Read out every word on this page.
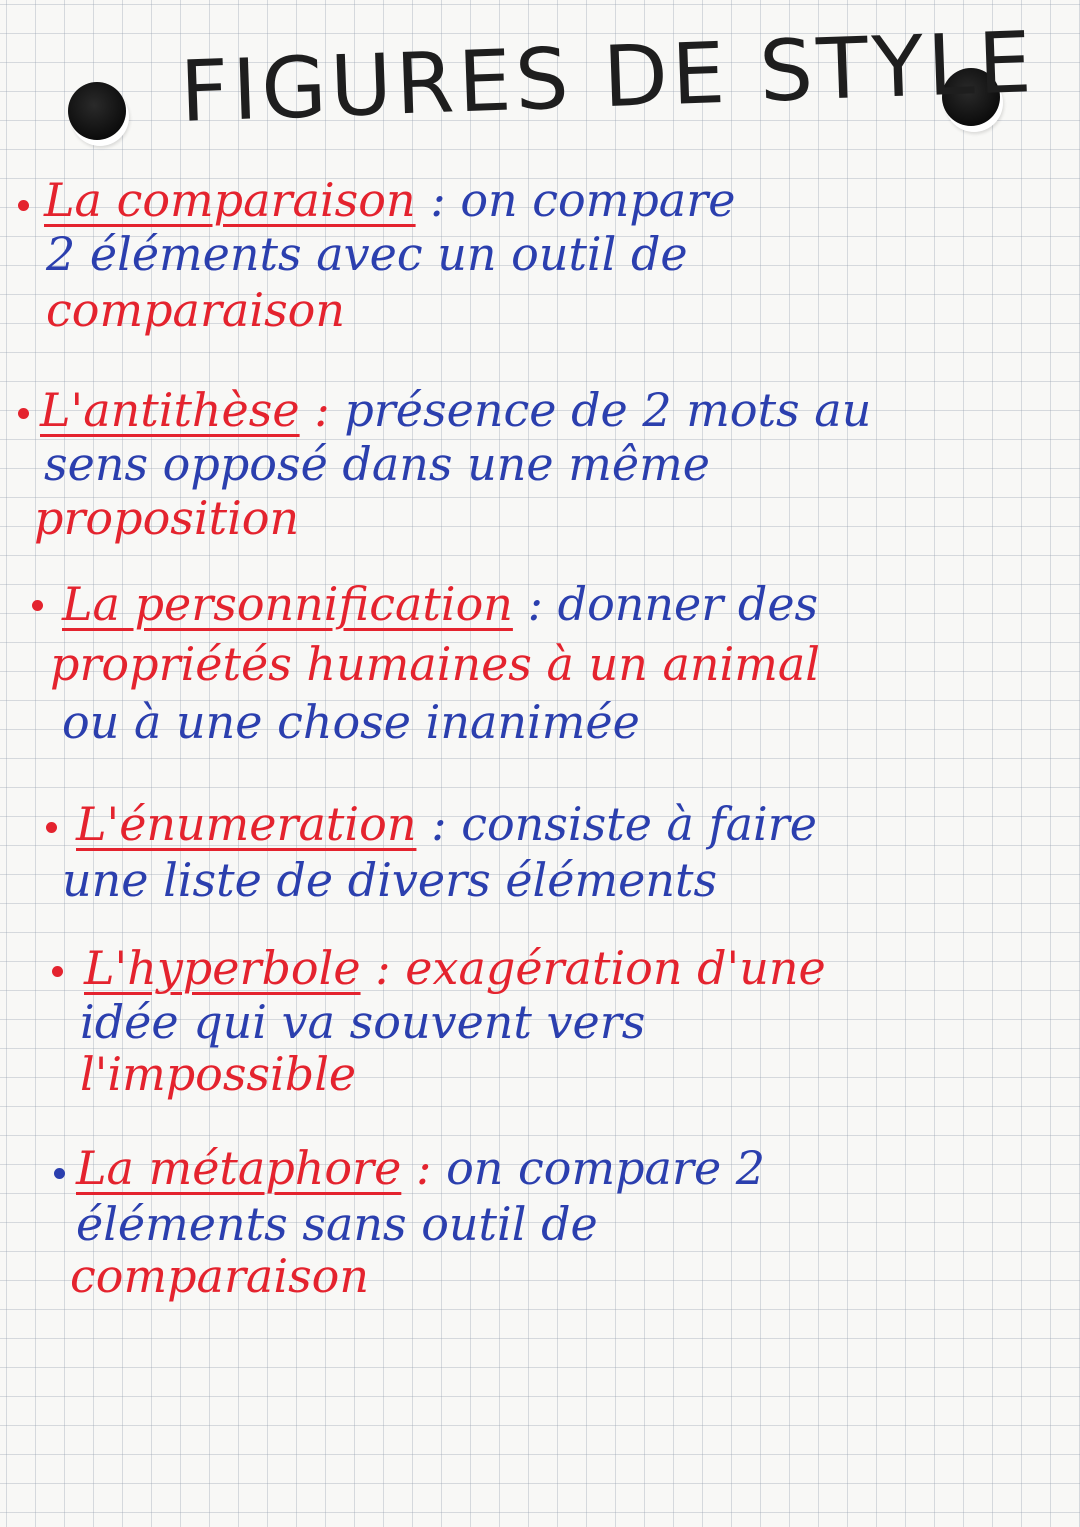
FIGURES DE STYLE
La comparaison : on compare
2 éléments avec un outil de
comparaison
L'antithèse : présence de 2 mots au
sens opposé dans une même
proposition
La personnification : donner des
propriétés humaines à un animal
ou à une chose inanimée
L'énumeration : consiste à faire
une liste de divers éléments
L'hyperbole : exagération d'une
idée qui va souvent vers
l'impossible
La métaphore : on compare 2
éléments sans outil de
comparaison
